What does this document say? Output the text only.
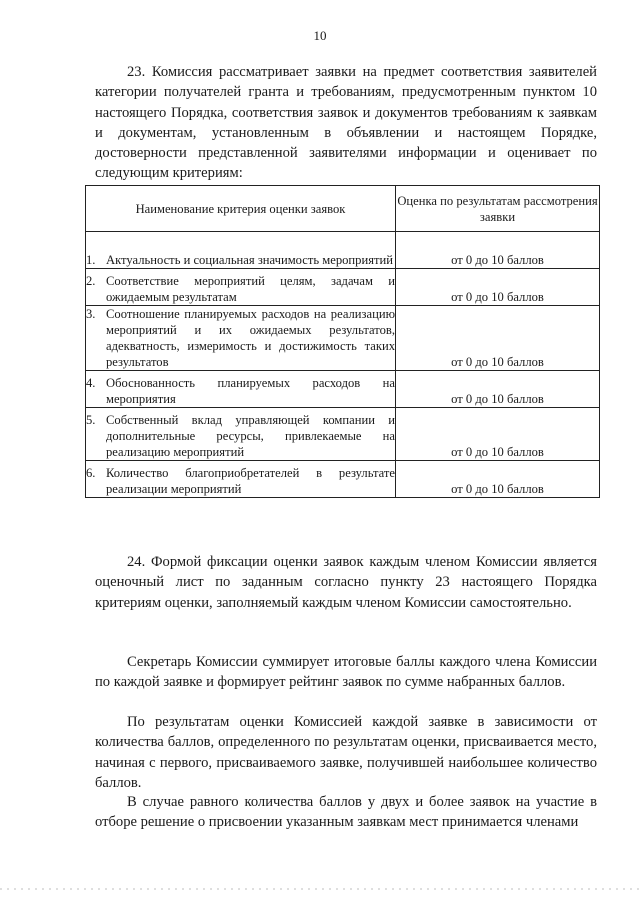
10

23. Комиссия рассматривает заявки на предмет соответствия заявителей категории получателей гранта и требованиям, предусмотренным пунктом 10 настоящего Порядка, соответствия заявок и документов требованиям к заявкам и документам, установленным в объявлении и настоящем Порядке, достоверности представленной заявителями информации и оценивает по следующим критериям:

Наименование критерия оценки заявок	Оценка по результатам рассмотрения заявки

1. Актуальность и социальная значимость мероприятий	от 0 до 10 баллов

2. Соответствие мероприятий целям, задачам и ожидаемым результатам	от 0 до 10 баллов

3. Соотношение планируемых расходов на реализацию мероприятий и их ожидаемых результатов, адекватность, измеримость и достижимость таких результатов	от 0 до 10 баллов

4. Обоснованность планируемых расходов на мероприятия	от 0 до 10 баллов

5. Собственный вклад управляющей компании и дополнительные ресурсы, привлекаемые на реализацию мероприятий	от 0 до 10 баллов

6. Количество благоприобретателей в результате реализации мероприятий	от 0 до 10 баллов

24. Формой фиксации оценки заявок каждым членом Комиссии является оценочный лист по заданным согласно пункту 23 настоящего Порядка критериям оценки, заполняемый каждым членом Комиссии самостоятельно.

Секретарь Комиссии суммирует итоговые баллы каждого члена Комиссии по каждой заявке и формирует рейтинг заявок по сумме набранных баллов.

По результатам оценки Комиссией каждой заявке в зависимости от количества баллов, определенного по результатам оценки, присваивается место, начиная с первого, присваиваемого заявке, получившей наибольшее количество баллов.

В случае равного количества баллов у двух и более заявок на участие в отборе решение о присвоении указанным заявкам мест принимается членами
